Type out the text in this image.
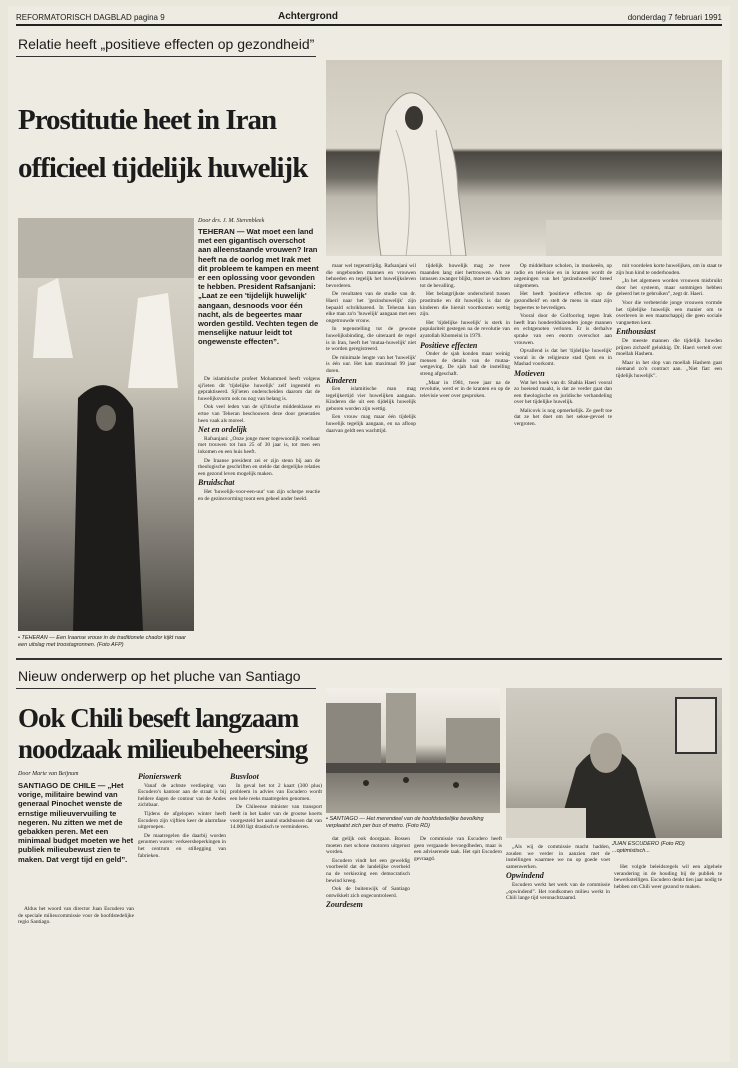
REFORMATORISCH DAGBLAD pagina 9	Achtergrond	donderdag 7 februari 1991
Relatie heeft „positieve effecten op gezondheid”
Prostitutie heet in Iran
officieel tijdelijk huwelijk
• TEHERAN — Een Iraanse vrouw in de traditionele chador kijkt naar een uitslag met troostagronnen. (Foto AFP)
Door drs. J. M. Sterenbleek
TEHERAN — Wat moet een land met een gigantisch overschot aan alleenstaande vrouwen? Iran heeft na de oorlog met Irak met dit probleem te kampen en meent er een oplossing voor gevonden te hebben. President Rafsanjani: „Laat ze een 'tijdelijk huwelijk' aangaan, desnoods voor één nacht, als de begeertes maar worden gestild. Vechten tegen de menselijke natuur leidt tot ongewenste effecten”.

De islamitische profeet Mohammed heeft volgens sji'ieten dit 'tijdelijke huwelijk' zelf ingesteld en gepraktiseerd. Sji'ieten onderscheiden daarom dat de huwelijksvorm ook nu nog van belang is.

Ook veel leden van de sji'itische middenklasse en ertoe van Teheran beschouwen deze door generaties heen vaak als moreel.

Net en ordelijk

Rafsanjani: „Onze jonge meer togewoonlijk voelbaar met trouwen tot hun 25 of 30 jaar is, tot men een inkomen en een huis heeft.

De Iraanse president zei er zijn steun bij aan de theologische geschriften en stelde dat dergelijke relaties een gezond leven mogelijk maken.

Bruidschat

Het 'huwelijk-voor-een-uur' van zijn scherpe reactie en de gezinsvorming toont een geheel ander beeld.

maar wel tegenstrijdig. Rafsanjani wil die ongebonden mannen en vrouwen behoeden en tegelijk het huwelijksleven bevorderen.

De resultaten van de studie van dr. Haeri naar het 'gezinshuwelijk' zijn bepaald schrikbarend. In Teheran kon elke man zo'n 'huwelijk' aangaan met een ongetrouwde vrouw.

In tegenstelling tot de gewone huwelijksbinding, die uiteraard de regel is in Iran, heeft het 'mutaa-huwelijk' niet te worden geregistreerd.

De minimale lengte van het 'huwelijk' is één uur. Het kan maximaal 99 jaar duren.

Kinderen

Een islamitische man mag tegelijkertijd vier huwelijken aangaan. Kinderen die uit een tijdelijk huwelijk geboren worden zijn wettig.

Een vrouw mag maar één tijdelijk huwelijk tegelijk aangaan, en na afloop daarvan geldt een wachttijd.

tijdelijk huwelijk mag ze twee maanden lang niet hertrouwen. Als ze intussen zwanger blijkt, moet ze wachten tot de bevalling.

Het belangrijkste onderscheid tussen prostitutie en dit huwelijk is dat de kinderen die hieruit voortkomen wettig zijn.

Het 'tijdelijke huwelijk' is sterk in populariteit gestegen na de revolutie van ayatollah Khomeini in 1979.

Positieve effecten

Onder de sjah konden maar weinig mensen de details van de mutaa-wetgeving. De sjah had de instelling streng afgeschaft.

„Maar in 1981, twee jaar na de revolutie, werd er in de kranten en op de televisie weer over gesproken.

Op middelbare scholen, in moskeeën, op radio en televisie en in kranten wordt de zegeningen van het 'gezinshuwelijk' breed uitgemeten.

Het heeft 'positieve effecten op de gezondheid' en stelt de mens in staat zijn begeertes te bevredigen.

Vooral door de Golfoorlog tegen Irak heeft Iran honderdduizenden jonge mannen en echtgenoten verloren. Er is derhalve sprake van een enorm overschot aan vrouwen.

Opvallend is dat het 'tijdelijke huwelijk' vooral in de religieuze stad Qom en in Mashad voorkomt.

Motieven

Wat het hoek van dr. Shahla Haeri vooral zo boeiend maakt, is dat ze verder gaat dan een theologische en juridische verhandeling over het tijdelijke huwelijk.

Malicovk is nog opmerkelijk. Ze geeft toe dat ze het doet om het sekse-gevoel te vergroten.

mit voordelen korte huwelijken, om in staat te zijn hun kind te onderhouden.

„In het algemeen worden vrouwen misbruikt door het systeem, maar sommigen hebben geleerd het te gebruiken”, zegt dr. Haeri.

Voor die verbeteride jonge vrouwen vormde het tijdelijke huwelijk een manier om te overleven in een maatschappij die geen sociale vangnetten kent.

Enthousiast

De meeste mannen die tijdelijk huwden prijzen zichzelf gelukkig. Dr. Haeri vertelt over moellah Hashem.

Maar in het slop van moellah Hashem gaat niemand zo'n contract aan. „Niet fiat: een tijdelijk huwelijk”.

Nieuw onderwerp op het pluche van Santiago
Ook Chili beseft langzaam
noodzaak milieubeheersing
• SANTIAGO — Het merendeel van de hoofdstedelijke bevolking verplaatst zich per bus of metro. (Foto RD)
JUAN ESCUDERO (Foto RD) ...optimistisch...
Door Marie van Beijnum
SANTIAGO DE CHILE — „Het vorige, militaire bewind van generaal Pinochet wenste de ernstige milieuvervuiling te negeren. Nu zitten we met de gebakken peren. Met een minimaal budget moeten we het publiek milieubewust zien te maken. Dat vergt tijd en geld”.

Aldus het woord van director Juan Escudero van de speciale milieucommissie voor de hoofdstedelijke regio Santiago.

Pionierswerk

Vanaf de achtste verdieping van Escudero's kantoor aan de straat is bij heldere dagen de contour van de Andes zichtbaar.

Tijdens de afgelopen winter heeft Escudero zijn vijftien keer de alarmfase uitgeroepen.

De maatregelen die daarbij worden genomen waren: verkeersbeperkingen in het centrum en stillegging van fabrieken.

Busvloot

In geval het tot 2 kaart (300 plus) probleem in advies van Escudero wordt een hele reeks maatregelen genomen.

De Chileense minister van transport heeft in het kader van de grootse koerts voorgesteld het aantal stadsbussen dat van 14.000 ligt drastisch te verminderen.

dat gelijk ook doorgaan. Bossen moeten met schone motoren uitgerust worden.

Escudero vindt het een geweldig voorbeeld dat de landelijke overheid na de verkiezing een democratisch bewind kreeg.

Ook de buitenwijk of Santiago ontwikkelt zich ongecontroleerd.

Zourdesem

De commissie van Escudero heeft geen vergaande bevoegdheden, maar is een adviserende taak. Het spit Escudero gevraagd.

„Als wij de commissie macht hadden, zouden we verder in aanzien met de instellingen waarmee we nu op goede voet samenwerken.

Opwindend

Escudero werkt het werk van de commissie „opwindend”. Het rondkomen milieu werkt in Chili lange tijd veronachtzaamd.

Het volgde beleidsregels wil een algehele verandering in de houding bij de publiek te bewerkstelligen. Escudero denkt tien jaar nodig te hebben om Chili weer gezond te maken.
